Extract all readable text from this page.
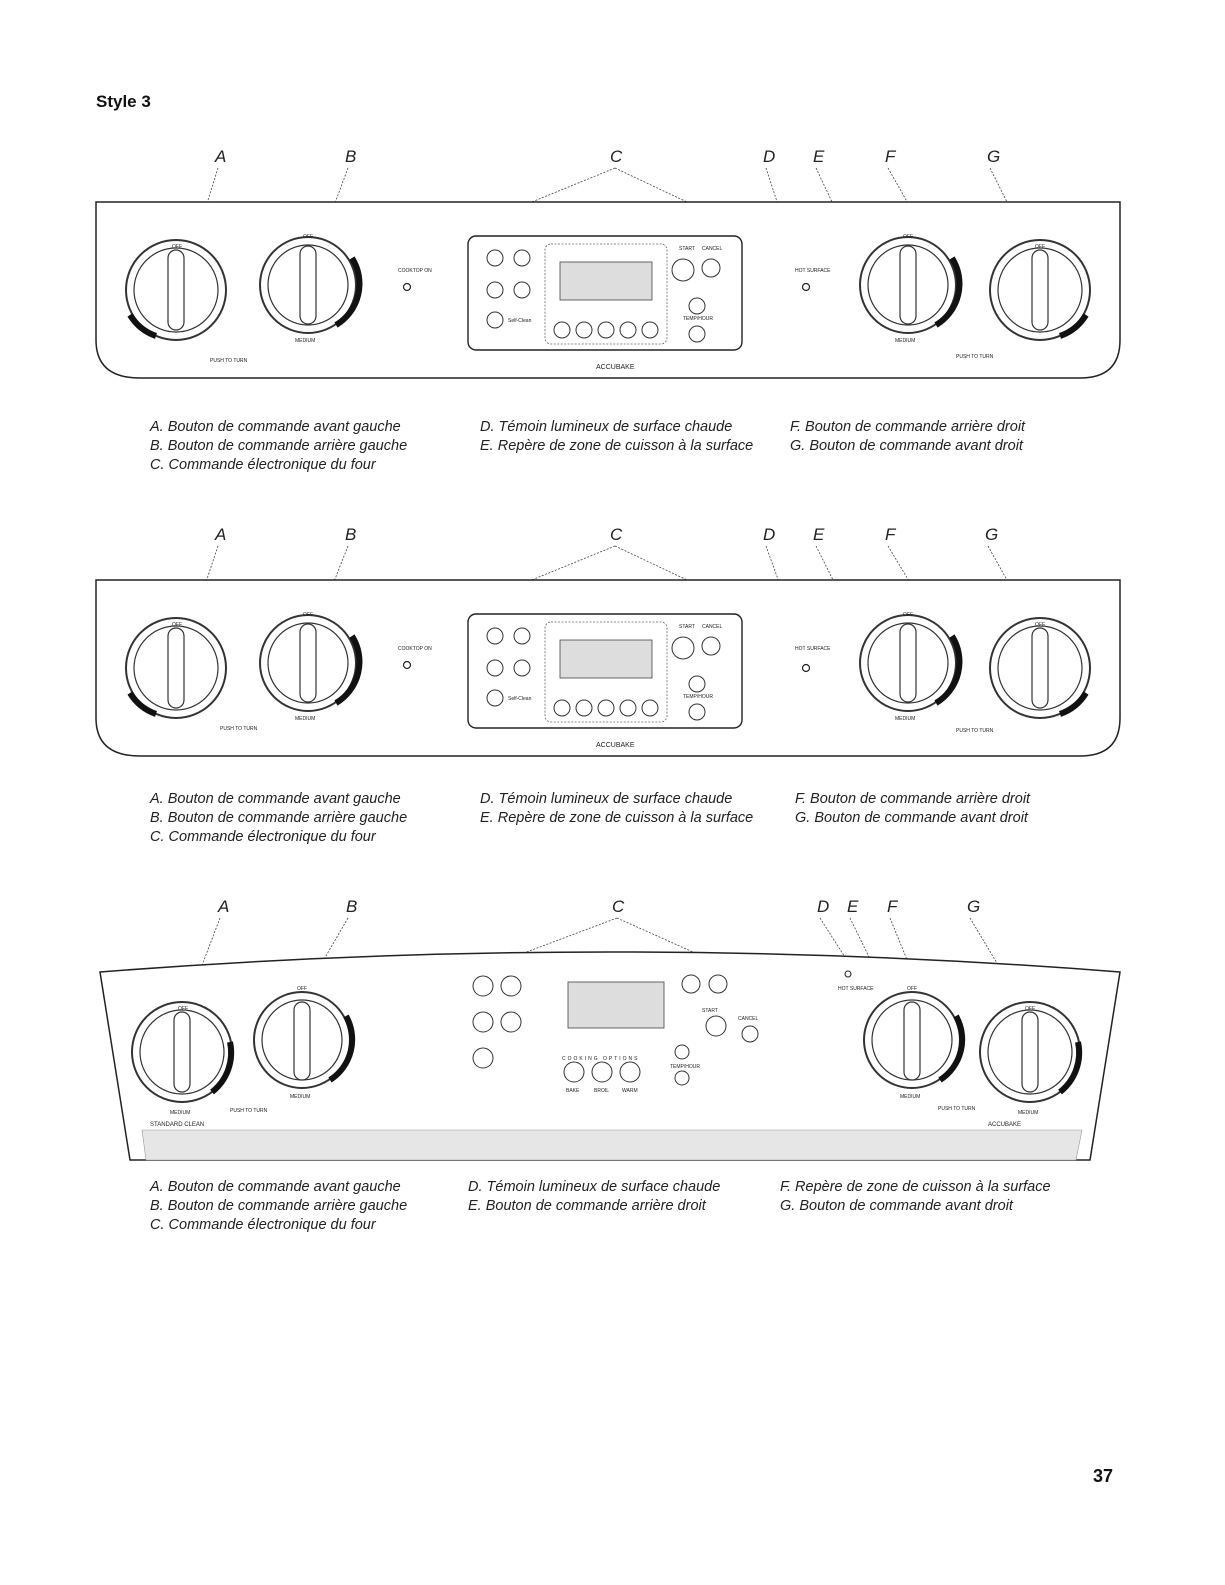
Style 3
A	B	C	D E	F	G
OFF
OFF	OFF
OFF
MEDIUM	MEDIUM
PUSH TO TURN
PUSH TO TURN
COOKTOP ON	HOT SURFACE
START CANCEL
TEMP/HOUR
Self-Clean
ACCUBAKE
A. Bouton de commande avant gauche
B. Bouton de commande arrière gauche
C. Commande électronique du four
D. Témoin lumineux de surface chaude
E. Repère de zone de cuisson à la surface
F. Bouton de commande arrière droit
G. Bouton de commande avant droit
A	B	C	D E	F	G
OFF
OFF	OFF
OFF
MEDIUM	MEDIUM
PUSH TO TURN	PUSH TO TURN
COOKTOP ON	HOT SURFACE
START CANCEL
TEMP/HOUR
Self-Clean
ACCUBAKE
A. Bouton de commande avant gauche
B. Bouton de commande arrière gauche
C. Commande électronique du four
D. Témoin lumineux de surface chaude
E. Repère de zone de cuisson à la surface
F. Bouton de commande arrière droit
G. Bouton de commande avant droit
A	B	C	D E F	G
OFF
OFF	OFF
OFF
MEDIUM
MEDIUM	MEDIUM
MEDIUM
PUSH TO TURN	PUSH TO TURN
STANDARD CLEAN	ACCUBAKE
HOT SURFACE
COOKING OPTIONS
BAKE	BROIL	WARM
START
CANCEL
TEMP/HOUR
A. Bouton de commande avant gauche
B. Bouton de commande arrière gauche
C. Commande électronique du four
D. Témoin lumineux de surface chaude
E. Bouton de commande arrière droit
F. Repère de zone de cuisson à la surface
G. Bouton de commande avant droit
37
